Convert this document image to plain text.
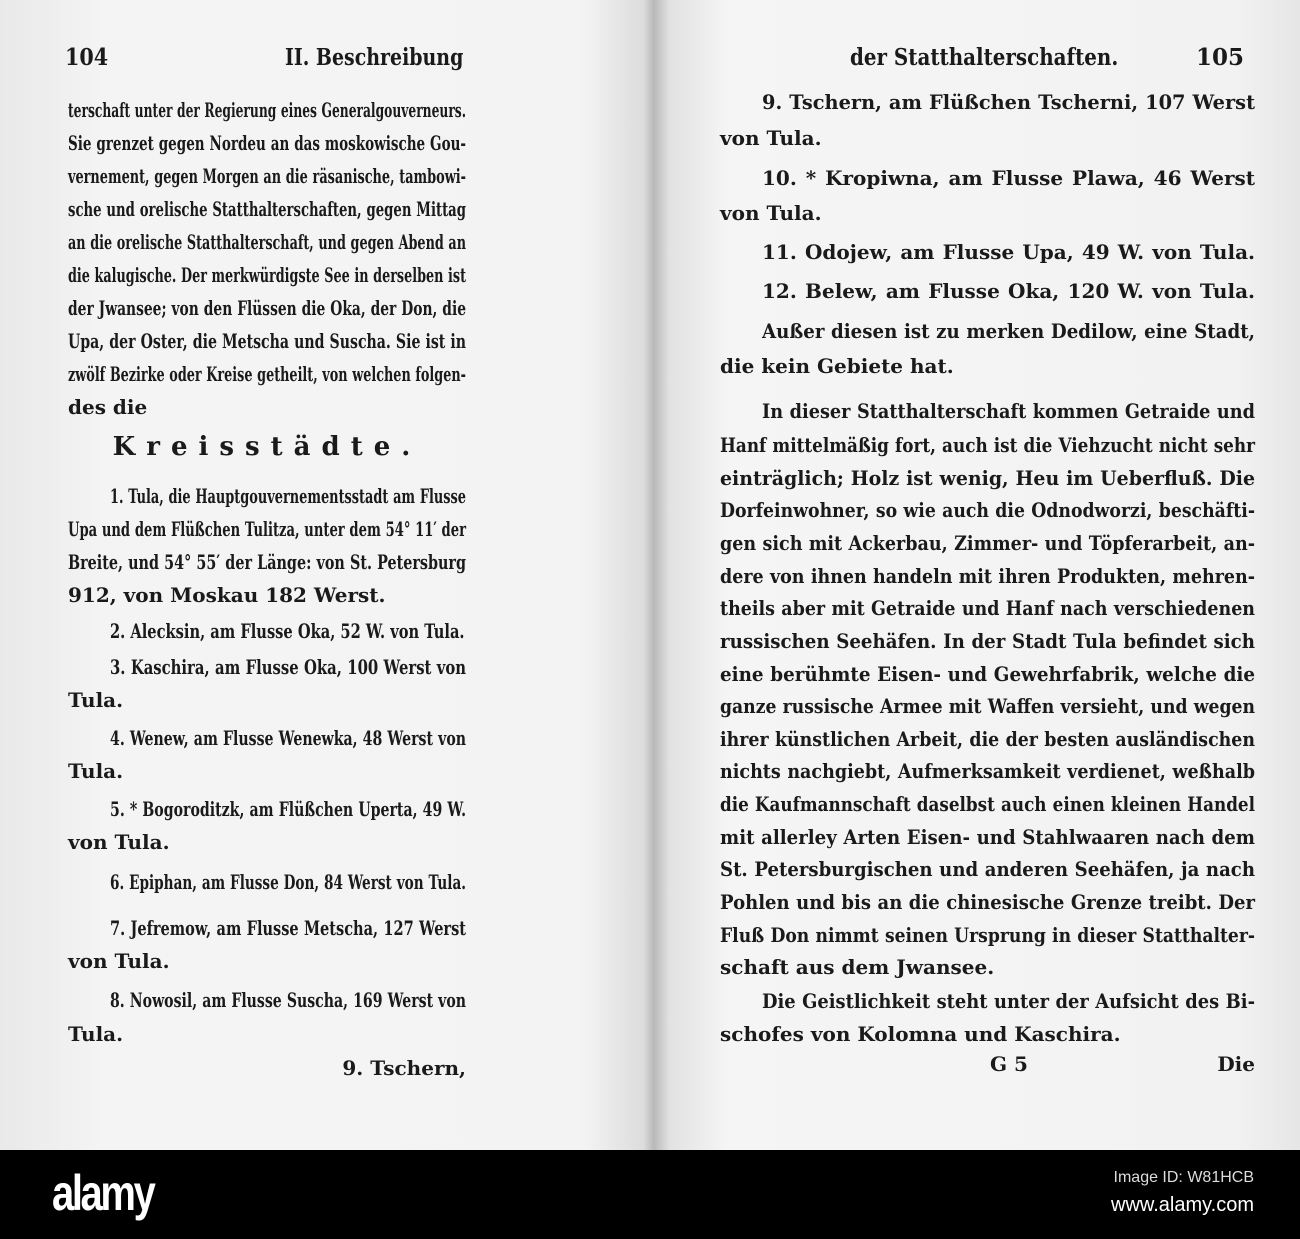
104	II. Beschreibung	der Statthalterschaften.	105
terschaft unter der Regierung eines Generalgouverneurs.
Sie grenzet gegen Nordeu an das moskowische Gou-
vernement, gegen Morgen an die räsanische, tambowi-
sche und orelische Statthalterschaften, gegen Mittag
an die orelische Statthalterschaft, und gegen Abend an
die kalugische. Der merkwürdigste See in derselben ist
der Jwansee; von den Flüssen die Oka, der Don, die
Upa, der Oster, die Metscha und Suscha. Sie ist in
zwölf Bezirke oder Kreise getheilt, von welchen folgen-
des die
Kreisstädte.
1. Tula, die Hauptgouvernementsstadt am Flusse
Upa und dem Flüßchen Tulitza, unter dem 54° 11′ der
Breite, und 54° 55′ der Länge: von St. Petersburg
912, von Moskau 182 Werst.
2. Alecksin, am Flusse Oka, 52 W. von Tula.
3. Kaschira, am Flusse Oka, 100 Werst von
Tula.
4. Wenew, am Flusse Wenewka, 48 Werst von
Tula.
5. * Bogoroditzk, am Flüßchen Uperta, 49 W.
von Tula.
6. Epiphan, am Flusse Don, 84 Werst von Tula.
7. Jefremow, am Flusse Metscha, 127 Werst
von Tula.
8. Nowosil, am Flusse Suscha, 169 Werst von
Tula.
9. Tschern,	G 5	Die
9. Tschern, am Flüßchen Tscherni, 107 Werst
von Tula.
10. * Kropiwna, am Flusse Plawa, 46 Werst
von Tula.
11. Odojew, am Flusse Upa, 49 W. von Tula.
12. Belew, am Flusse Oka, 120 W. von Tula.
Außer diesen ist zu merken Dedilow, eine Stadt,
die kein Gebiete hat.
In dieser Statthalterschaft kommen Getraide und
Hanf mittelmäßig fort, auch ist die Viehzucht nicht sehr
einträglich; Holz ist wenig, Heu im Ueberfluß. Die
Dorfeinwohner, so wie auch die Odnodworzi, beschäfti-
gen sich mit Ackerbau, Zimmer- und Töpferarbeit, an-
dere von ihnen handeln mit ihren Produkten, mehren-
theils aber mit Getraide und Hanf nach verschiedenen
russischen Seehäfen. In der Stadt Tula befindet sich
eine berühmte Eisen- und Gewehrfabrik, welche die
ganze russische Armee mit Waffen versieht, und wegen
ihrer künstlichen Arbeit, die der besten ausländischen
nichts nachgiebt, Aufmerksamkeit verdienet, weßhalb
die Kaufmannschaft daselbst auch einen kleinen Handel
mit allerley Arten Eisen- und Stahlwaaren nach dem
St. Petersburgischen und anderen Seehäfen, ja nach
Pohlen und bis an die chinesische Grenze treibt. Der
Fluß Don nimmt seinen Ursprung in dieser Statthalter-
schaft aus dem Jwansee.
Die Geistlichkeit steht unter der Aufsicht des Bi-
schofes von Kolomna und Kaschira.
alamy	Image ID: W81HCB
www.alamy.com
